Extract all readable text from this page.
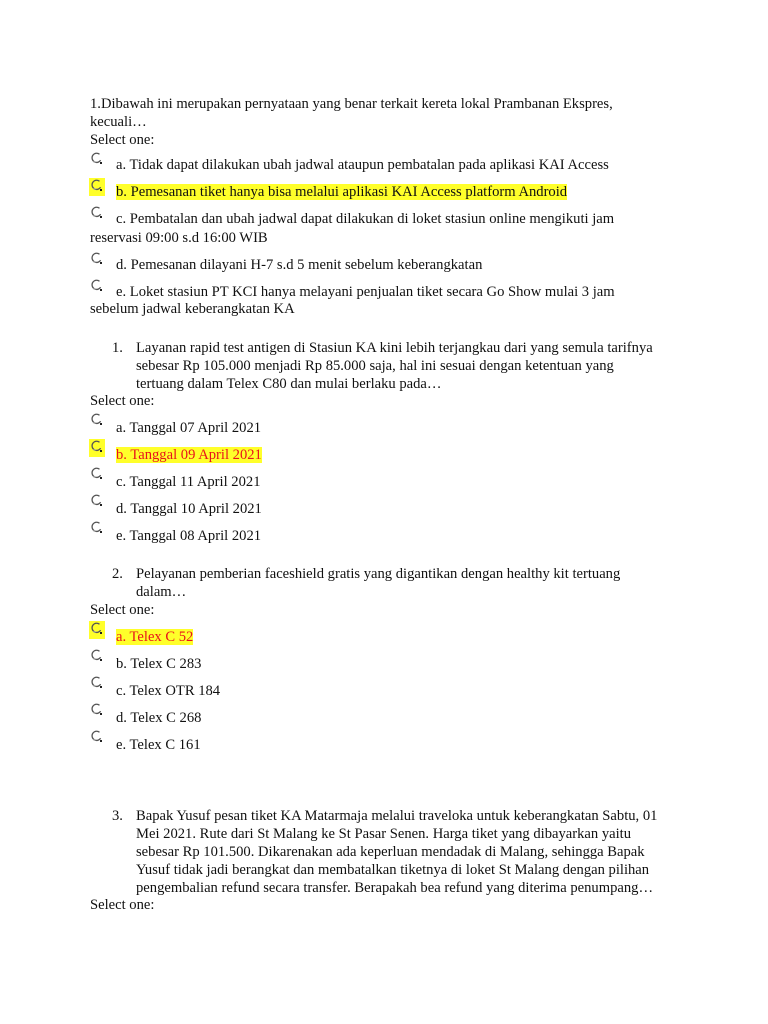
1.Dibawah ini merupakan pernyataan yang benar terkait kereta lokal Prambanan Ekspres,
kecuali…
Select one:
a. Tidak dapat dilakukan ubah jadwal ataupun pembatalan pada aplikasi KAI Access
b. Pemesanan tiket hanya bisa melalui aplikasi KAI Access platform Android
c. Pembatalan dan ubah jadwal dapat dilakukan di loket stasiun online mengikuti jam
reservasi 09:00 s.d 16:00 WIB
d. Pemesanan dilayani H-7 s.d 5 menit sebelum keberangkatan
e. Loket stasiun PT KCI hanya melayani penjualan tiket secara Go Show mulai 3 jam
sebelum jadwal keberangkatan KA
1. Layanan rapid test antigen di Stasiun KA kini lebih terjangkau dari yang semula tarifnya
sebesar Rp 105.000 menjadi Rp 85.000 saja, hal ini sesuai dengan ketentuan yang
tertuang dalam Telex C80 dan mulai berlaku pada…
Select one:
a. Tanggal 07 April 2021
b. Tanggal 09 April 2021
c. Tanggal 11 April 2021
d. Tanggal 10 April 2021
e. Tanggal 08 April 2021
2. Pelayanan pemberian faceshield gratis yang digantikan dengan healthy kit tertuang
dalam…
Select one:
a. Telex C 52
b. Telex C 283
c. Telex OTR 184
d. Telex C 268
e. Telex C 161
3. Bapak Yusuf pesan tiket KA Matarmaja melalui traveloka untuk keberangkatan Sabtu, 01
Mei 2021. Rute dari St Malang ke St Pasar Senen. Harga tiket yang dibayarkan yaitu
sebesar Rp 101.500. Dikarenakan ada keperluan mendadak di Malang, sehingga Bapak
Yusuf tidak jadi berangkat dan membatalkan tiketnya di loket St Malang dengan pilihan
pengembalian refund secara transfer. Berapakah bea refund yang diterima penumpang…
Select one:
